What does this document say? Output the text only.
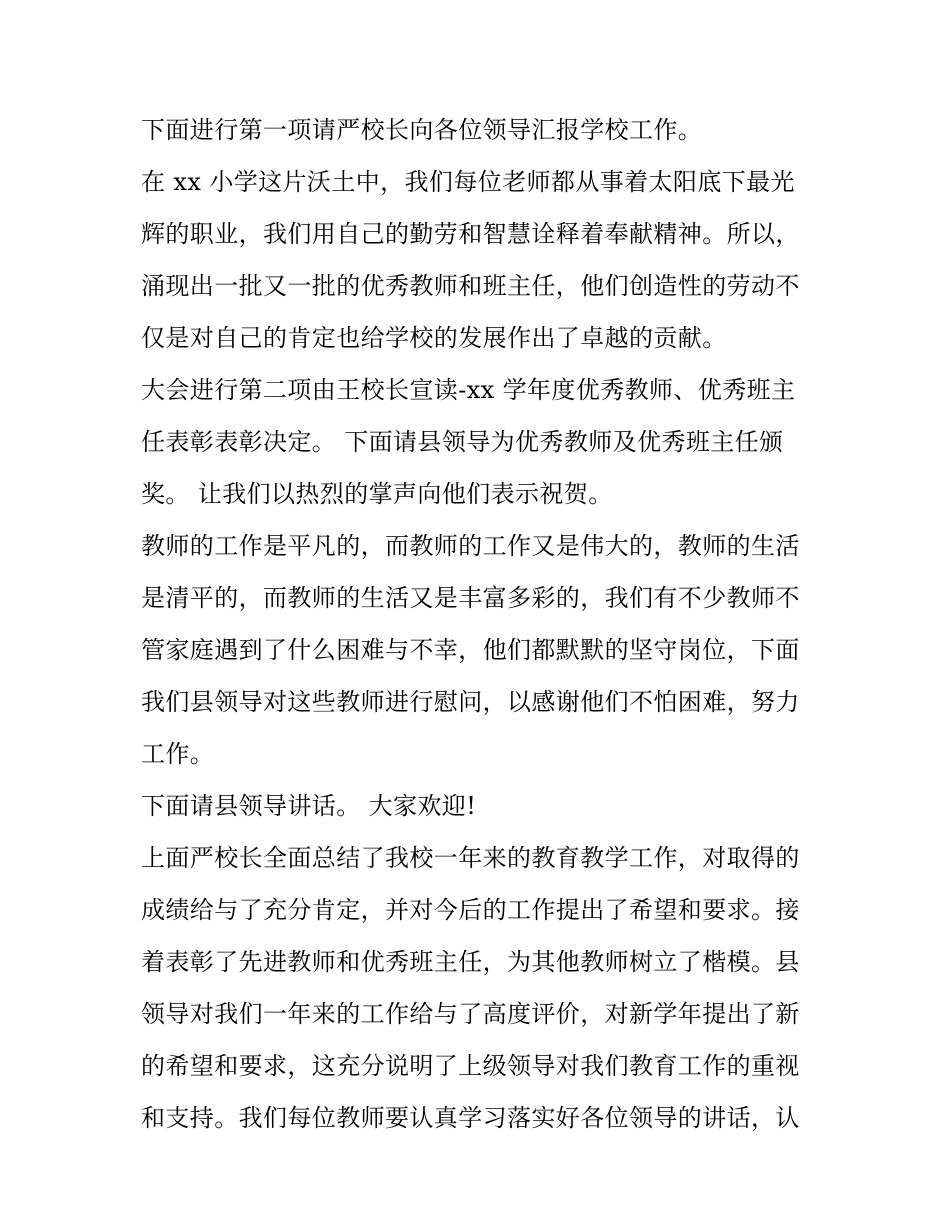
下面进行第一项请严校长向各位领导汇报学校工作。
在 xx 小学这片沃土中，我们每位老师都从事着太阳底下最光
辉的职业，我们用自己的勤劳和智慧诠释着奉献精神。所以，
涌现出一批又一批的优秀教师和班主任，他们创造性的劳动不
仅是对自己的肯定也给学校的发展作出了卓越的贡献。
大会进行第二项由王校长宣读-xx 学年度优秀教师、优秀班主
任表彰表彰决定。 下面请县领导为优秀教师及优秀班主任颁
奖。 让我们以热烈的掌声向他们表示祝贺。
教师的工作是平凡的，而教师的工作又是伟大的，教师的生活
是清平的，而教师的生活又是丰富多彩的，我们有不少教师不
管家庭遇到了什么困难与不幸，他们都默默的坚守岗位，下面
我们县领导对这些教师进行慰问，以感谢他们不怕困难，努力
工作。
下面请县领导讲话。 大家欢迎!
上面严校长全面总结了我校一年来的教育教学工作，对取得的
成绩给与了充分肯定，并对今后的工作提出了希望和要求。接
着表彰了先进教师和优秀班主任，为其他教师树立了楷模。县
领导对我们一年来的工作给与了高度评价，对新学年提出了新
的希望和要求，这充分说明了上级领导对我们教育工作的重视
和支持。我们每位教师要认真学习落实好各位领导的讲话，认
